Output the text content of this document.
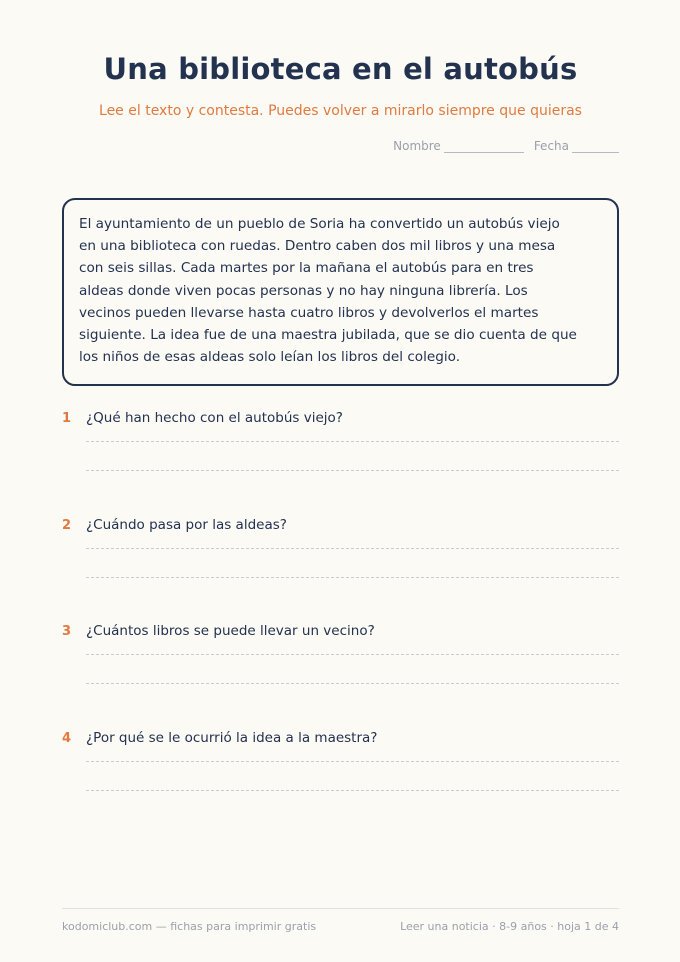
Una biblioteca en el autobús
Lee el texto y contesta. Puedes volver a mirarlo siempre que quieras
Nombre	Fecha

El ayuntamiento de un pueblo de Soria ha convertido un autobús viejo

en una biblioteca con ruedas. Dentro caben dos mil libros y una mesa

con seis sillas. Cada martes por la mañana el autobús para en tres

aldeas donde viven pocas personas y no hay ninguna librería. Los

vecinos pueden llevarse hasta cuatro libros y devolverlos el martes

siguiente. La idea fue de una maestra jubilada, que se dio cuenta de que

los niños de esas aldeas solo leían los libros del colegio.

1	¿Qué han hecho con el autobús viejo?
2	¿Cuándo pasa por las aldeas?
3	¿Cuántos libros se puede llevar un vecino?
4	¿Por qué se le ocurrió la idea a la maestra?
kodomiclub.com — fichas para imprimir gratis	Leer una noticia · 8-9 años · hoja 1 de 4
